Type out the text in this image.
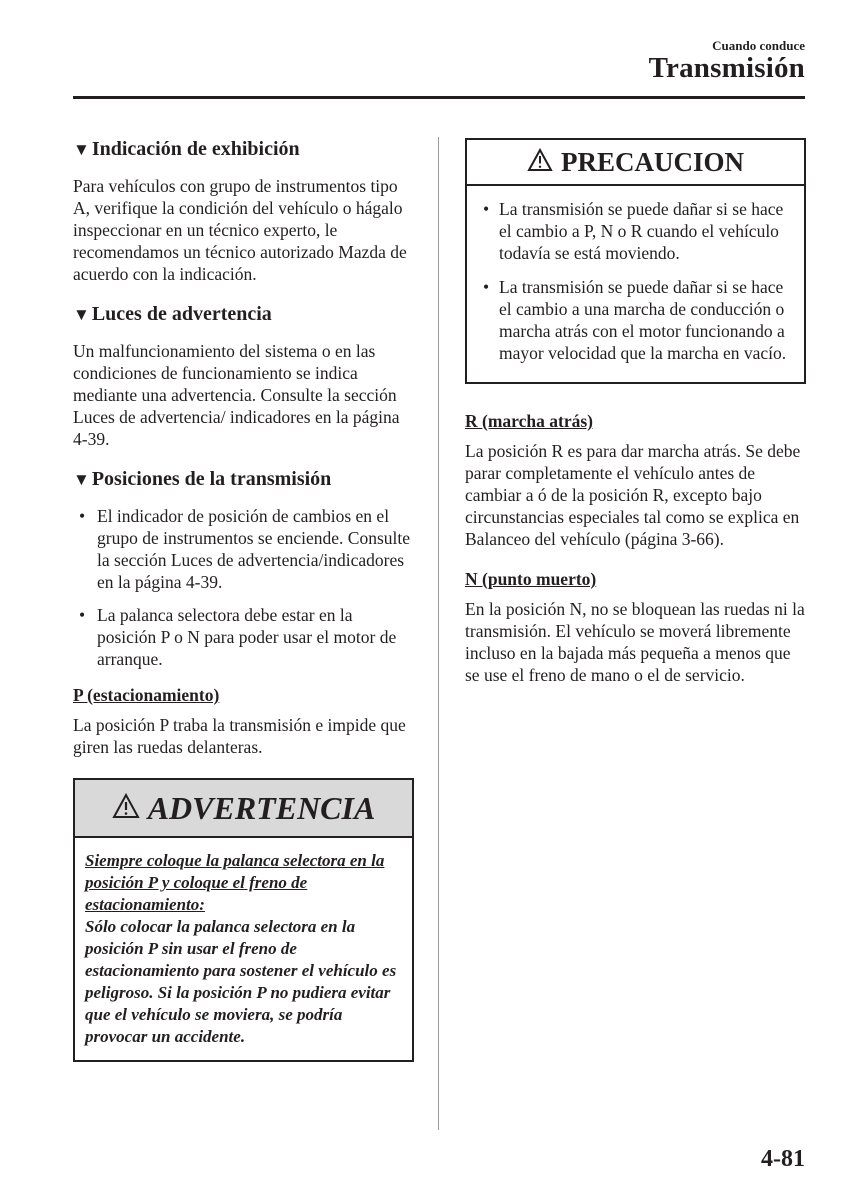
Cuando conduce
Transmisión
▼ Indicación de exhibición

Para vehículos con grupo de instrumentos tipo A, verifique la condición del vehículo o hágalo inspeccionar en un técnico experto, le recomendamos un técnico autorizado Mazda de acuerdo con la indicación.

▼ Luces de advertencia

Un malfuncionamiento del sistema o en las condiciones de funcionamiento se indica mediante una advertencia. Consulte la sección Luces de advertencia/ indicadores en la página 4-39.

▼ Posiciones de la transmisión
• El indicador de posición de cambios en el grupo de instrumentos se enciende. Consulte la sección Luces de advertencia/indicadores en la página 4-39.
• La palanca selectora debe estar en la posición P o N para poder usar el motor de arranque.
P (estacionamiento)

La posición P traba la transmisión e impide que giren las ruedas delanteras.

ADVERTENCIA
Siempre coloque la palanca selectora en la posición P y coloque el freno de estacionamiento:
Sólo colocar la palanca selectora en la posición P sin usar el freno de estacionamiento para sostener el vehículo es peligroso. Si la posición P no pudiera evitar que el vehículo se moviera, se podría provocar un accidente.
PRECAUCION
• La transmisión se puede dañar si se hace el cambio a P, N o R cuando el vehículo todavía se está moviendo.
• La transmisión se puede dañar si se hace el cambio a una marcha de conducción o marcha atrás con el motor funcionando a mayor velocidad que la marcha en vacío.
R (marcha atrás)

La posición R es para dar marcha atrás. Se debe parar completamente el vehículo antes de cambiar a ó de la posición R, excepto bajo circunstancias especiales tal como se explica en Balanceo del vehículo (página 3-66).

N (punto muerto)

En la posición N, no se bloquean las ruedas ni la transmisión. El vehículo se moverá libremente incluso en la bajada más pequeña a menos que se use el freno de mano o el de servicio.

4-81
